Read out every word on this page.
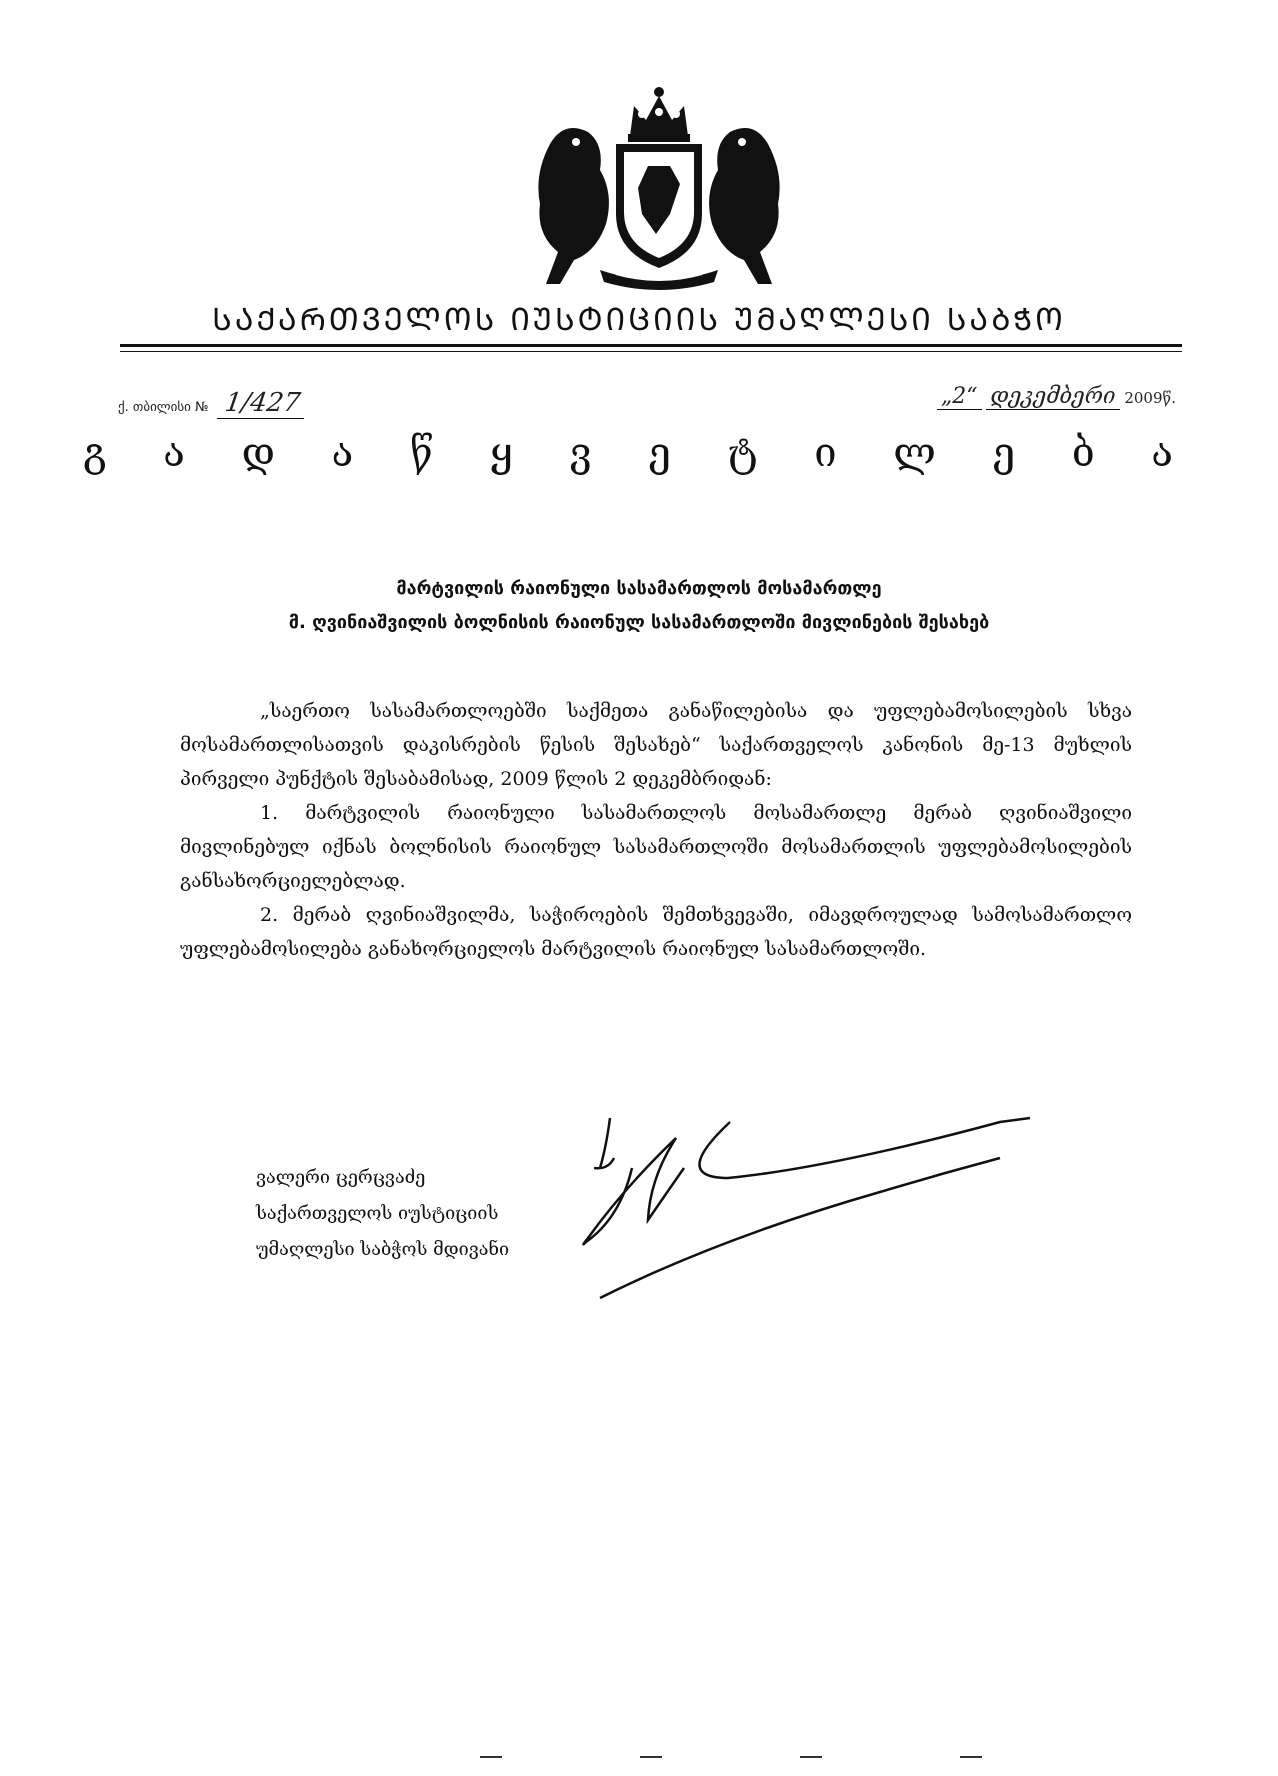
ᲡᲐᲥᲐᲠᲗᲕᲔᲚᲝᲡ ᲘᲣᲡᲢᲘᲪᲘᲘᲡ ᲣᲛᲐᲦᲚᲔᲡᲘ ᲡᲐᲑᲭᲝ
ქ. თბილისი № 1/427	„2“ დეკემბერი 2009წ.
გ ა დ ა წ ყ ვ ე ტ ი ლ ე ბ ა
მარტვილის რაიონული სასამართლოს მოსამართლე
მ. ღვინიაშვილის ბოლნისის რაიონულ სასამართლოში მივლინების შესახებ

„საერთო სასამართლოებში საქმეთა განაწილებისა და უფლებამოსილების სხვა მოსამართლისათვის დაკისრების წესის შესახებ“ საქართველოს კანონის მე-13 მუხლის პირველი პუნქტის შესაბამისად, 2009 წლის 2 დეკემბრიდან:

1. მარტვილის რაიონული სასამართლოს მოსამართლე მერაბ ღვინიაშვილი მივლინებულ იქნას ბოლნისის რაიონულ სასამართლოში მოსამართლის უფლებამოსილების განსახორციელებლად.

2. მერაბ ღვინიაშვილმა, საჭიროების შემთხვევაში, იმავდროულად სამოსამართლო უფლებამოსილება განახორციელოს მარტვილის რაიონულ სასამართლოში.

ვალერი ცერცვაძე
საქართველოს იუსტიციის
უმაღლესი საბჭოს მდივანი
